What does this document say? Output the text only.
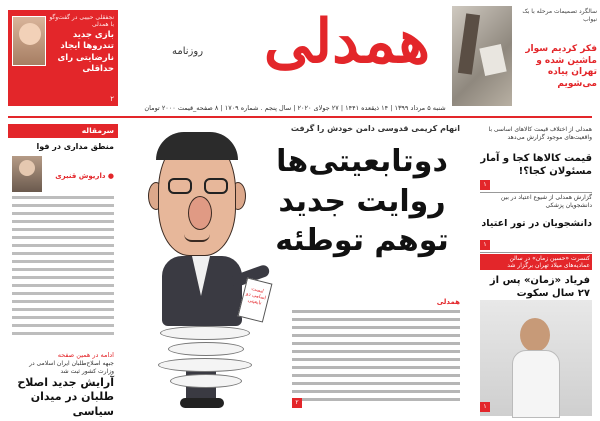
نجفقلی حبیبی در گفت‌وگو با همدلی
بازی جدید تندروها ایجاد نارضایتی رای حداقلی
۲
همدلی
روزنامه
سالگرد تصمیمات مرحله با بک نیواب
فکر کردیم سوار ماشین شده و تهران پیاده می‌شویم
شنبه ۵ مرداد ۱۳۹۹ | ۱۴ ذیقعده ۱۴۴۱ | ۲۷ جولای ۲۰۲۰ | سال پنجم . شماره ۱۷۰۹ | ۸ صفحه_قیمت ۲۰۰۰ تومان
سرمقاله
منطق مداری در فوا
● داریوش قنبری
ادامه در همین صفحه
جبهه اصلاح‌طلبان ایران اسلامی در وزارت کشور ثبت شد
آرایش جدید اصلاح طلبان در میدان سیاسی
انهام کریمی قدوسی دامن خودش را گرفت
دوتابعیتی‌ها روایت جدید توهم توطئه
لیست اسامی دو تابعیتی	همدلی
۲
همدلی از اختلاف قیمت کالاهای اساسی با واقعیت‌های موجود گزارش می‌دهد
قیمت کالاها کجا و آمار مسئولان کجا؟!
۱
گزارش همدلی از شیوع اعتیاد در بین دانشجویان پزشکی
دانشجویان در تور اعتیاد
۱
کنسرت «حسین زمان» در سالن عمادیه‌های میلاد تهران برگزار شد
فریاد «زمان» پس از ۲۷ سال سکوت
۱
